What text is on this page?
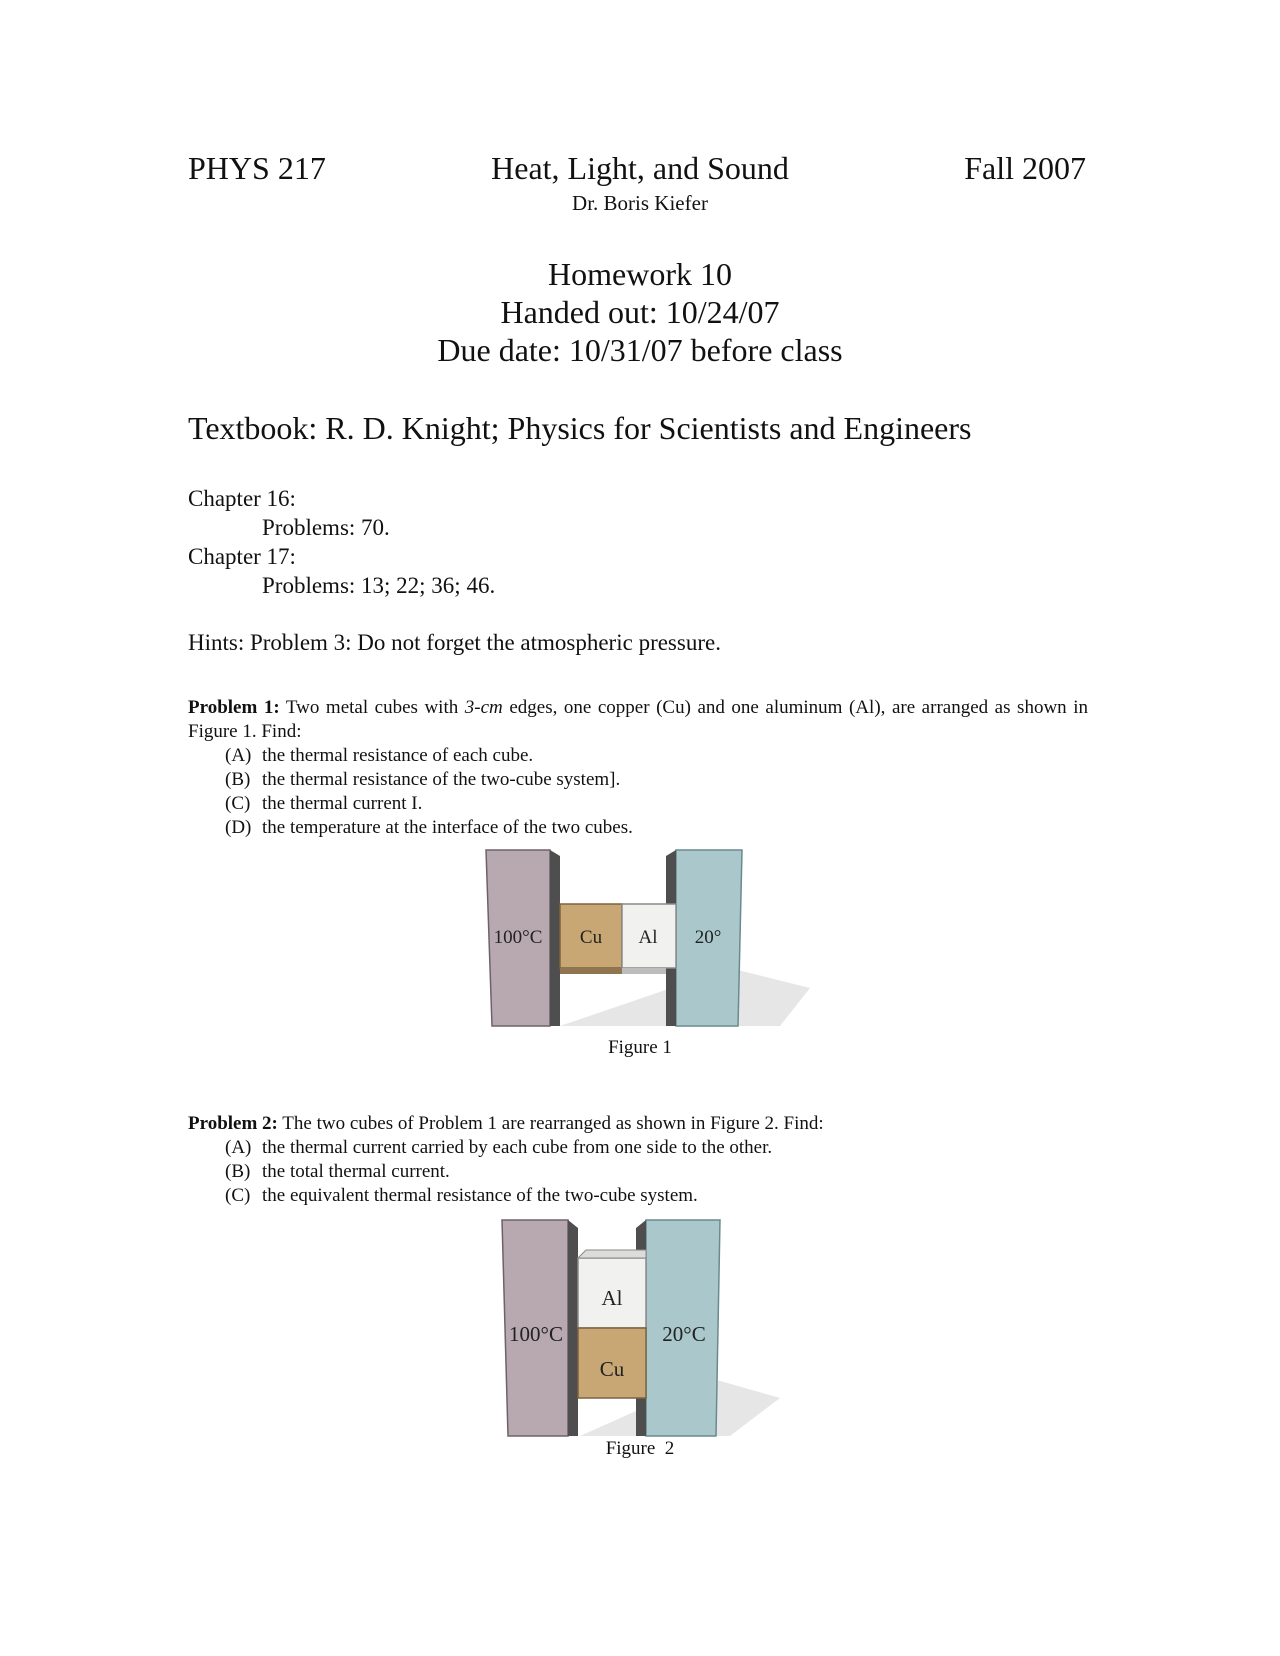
PHYS 217	Heat, Light, and Sound
Dr. Boris Kiefer
Fall 2007
Homework 10
Handed out: 10/24/07
Due date: 10/31/07 before class
Textbook: R. D. Knight; Physics for Scientists and Engineers
Chapter 16:
Problems: 70.
Chapter 17:
Problems: 13; 22; 36; 46.
Hints: Problem 3: Do not forget the atmospheric pressure.
Problem 1: Two metal cubes with 3-cm edges, one copper (Cu) and one aluminum (Al), are arranged as shown in Figure 1. Find:
(A) the thermal resistance of each cube.
(B) the thermal resistance of the two-cube system].
(C) the thermal current I.
(D) the temperature at the interface of the two cubes.
100°C Cu Al 20°
Figure 1
Problem 2: The two cubes of Problem 1 are rearranged as shown in Figure 2. Find:
(A) the thermal current carried by each cube from one side to the other.
(B) the total thermal current.
(C) the equivalent thermal resistance of the two-cube system.
Al
100°C	20°C
Cu
Figure  2
